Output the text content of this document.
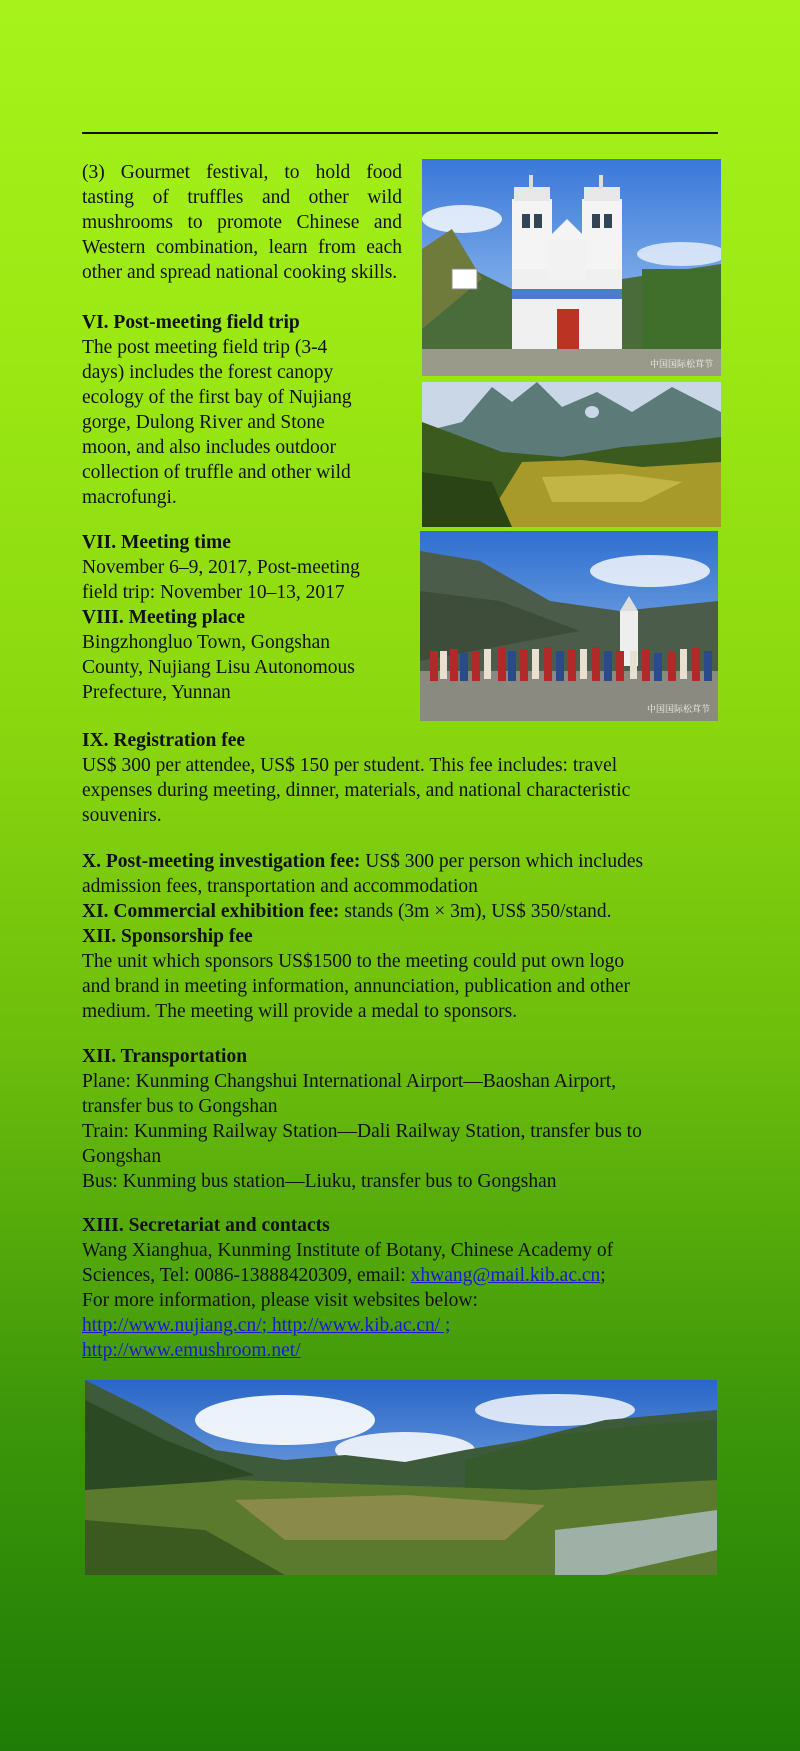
(3) Gourmet festival, to hold food tasting of truffles and other wild mushrooms to promote Chinese and Western combination, learn from each other and spread national cooking skills.

VI. Post-meeting field trip

The post meeting field trip (3-4

days) includes the forest canopy

ecology of the first bay of Nujiang

gorge, Dulong River and Stone

moon, and also includes outdoor

collection of truffle and other wild

macrofungi.

VII. Meeting time

November 6–9, 2017, Post-meeting

field trip: November 10–13, 2017

VIII. Meeting place

Bingzhongluo Town, Gongshan

County, Nujiang Lisu Autonomous

Prefecture, Yunnan

IX. Registration fee

US$ 300 per attendee, US$ 150 per student. This fee includes: travel

expenses during meeting, dinner, materials, and national characteristic

souvenirs.

X. Post-meeting investigation fee: US$ 300 per person which includes

admission fees, transportation and accommodation

XI. Commercial exhibition fee: stands (3m × 3m), US$ 350/stand.

XII. Sponsorship fee

The unit which sponsors US$1500 to the meeting could put own logo

and brand in meeting information, annunciation, publication and other

medium. The meeting will provide a medal to sponsors.

XII. Transportation

Plane: Kunming Changshui International Airport—Baoshan Airport,

transfer bus to Gongshan

Train: Kunming Railway Station—Dali Railway Station, transfer bus to

Gongshan

Bus: Kunming bus station—Liuku, transfer bus to Gongshan

XIII. Secretariat and contacts

Wang Xianghua, Kunming Institute of Botany, Chinese Academy of

Sciences, Tel: 0086-13888420309, email: xhwang@mail.kib.ac.cn;

For more information, please visit websites below:

http://www.nujiang.cn/; http://www.kib.ac.cn/ ;

http://www.emushroom.net/

中国国际松茸节
中国国际松茸节
